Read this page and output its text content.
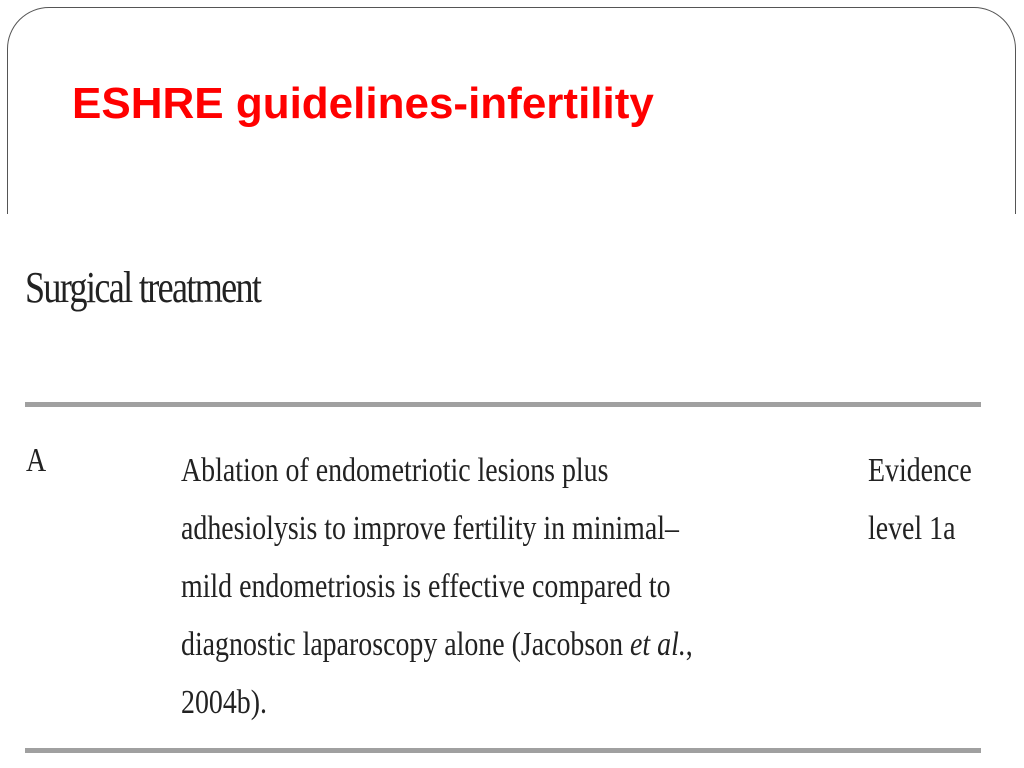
ESHRE guidelines-infertility
Surgical treatment
A	Ablation of endometriotic lesions plus
adhesiolysis to improve fertility in minimal–
mild endometriosis is effective compared to
diagnostic laparoscopy alone (Jacobson et al.,
2004b).
Evidence
level 1a
